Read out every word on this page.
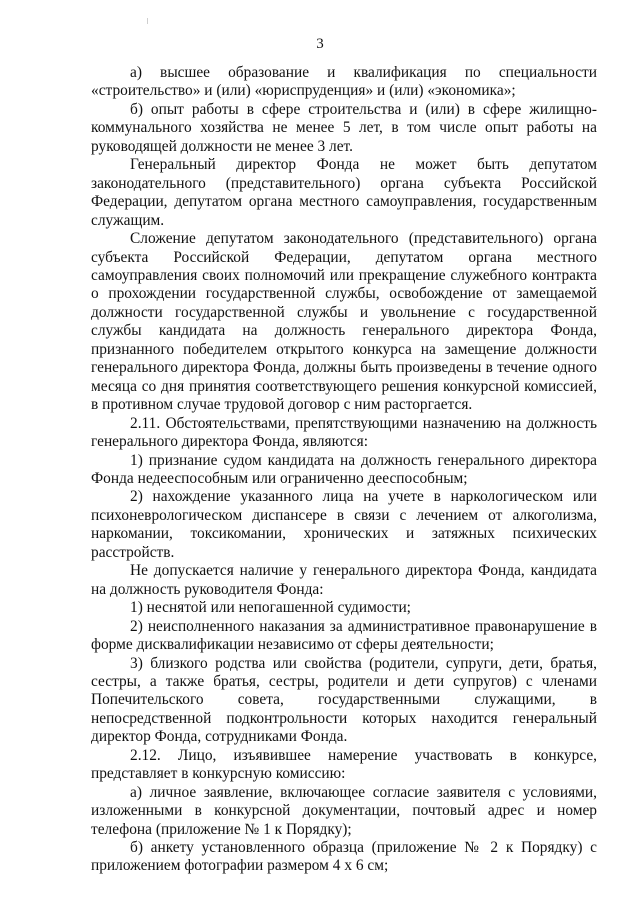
3

а) высшее образование и квалификация по специальности «строительство» и (или) «юриспруденция» и (или) «экономика»;

б) опыт работы в сфере строительства и (или) в сфере жилищно-коммунального хозяйства не менее 5 лет, в том числе опыт работы на руководящей должности не менее 3 лет.

Генеральный директор Фонда не может быть депутатом законодательного (представительного) органа субъекта Российской Федерации, депутатом органа местного самоуправления, государственным служащим.

Сложение депутатом законодательного (представительного) органа субъекта Российской Федерации, депутатом органа местного самоуправления своих полномочий или прекращение служебного контракта о прохождении государственной службы, освобождение от замещаемой должности государственной службы и увольнение с государственной службы кандидата на должность генерального директора Фонда, признанного победителем открытого конкурса на замещение должности генерального директора Фонда, должны быть произведены в течение одного месяца со дня принятия соответствующего решения конкурсной комиссией, в противном случае трудовой договор с ним расторгается.

2.11. Обстоятельствами, препятствующими назначению на должность генерального директора Фонда, являются:

1) признание судом кандидата на должность генерального директора Фонда недееспособным или ограниченно дееспособным;

2) нахождение указанного лица на учете в наркологическом или психоневрологическом диспансере в связи с лечением от алкоголизма, наркомании, токсикомании, хронических и затяжных психических расстройств.

Не допускается наличие у генерального директора Фонда, кандидата на должность руководителя Фонда:

1) неснятой или непогашенной судимости;

2) неисполненного наказания за административное правонарушение в форме дисквалификации независимо от сферы деятельности;

3) близкого родства или свойства (родители, супруги, дети, братья, сестры, а также братья, сестры, родители и дети супругов) с членами Попечительского совета, государственными служащими, в непосредственной подконтрольности которых находится генеральный директор Фонда, сотрудниками Фонда.

2.12. Лицо, изъявившее намерение участвовать в конкурсе, представляет в конкурсную комиссию:

а) личное заявление, включающее согласие заявителя с условиями, изложенными в конкурсной документации, почтовый адрес и номер телефона (приложение № 1 к Порядку);

б) анкету установленного образца (приложение № 2 к Порядку) с приложением фотографии размером 4 х 6 см;
